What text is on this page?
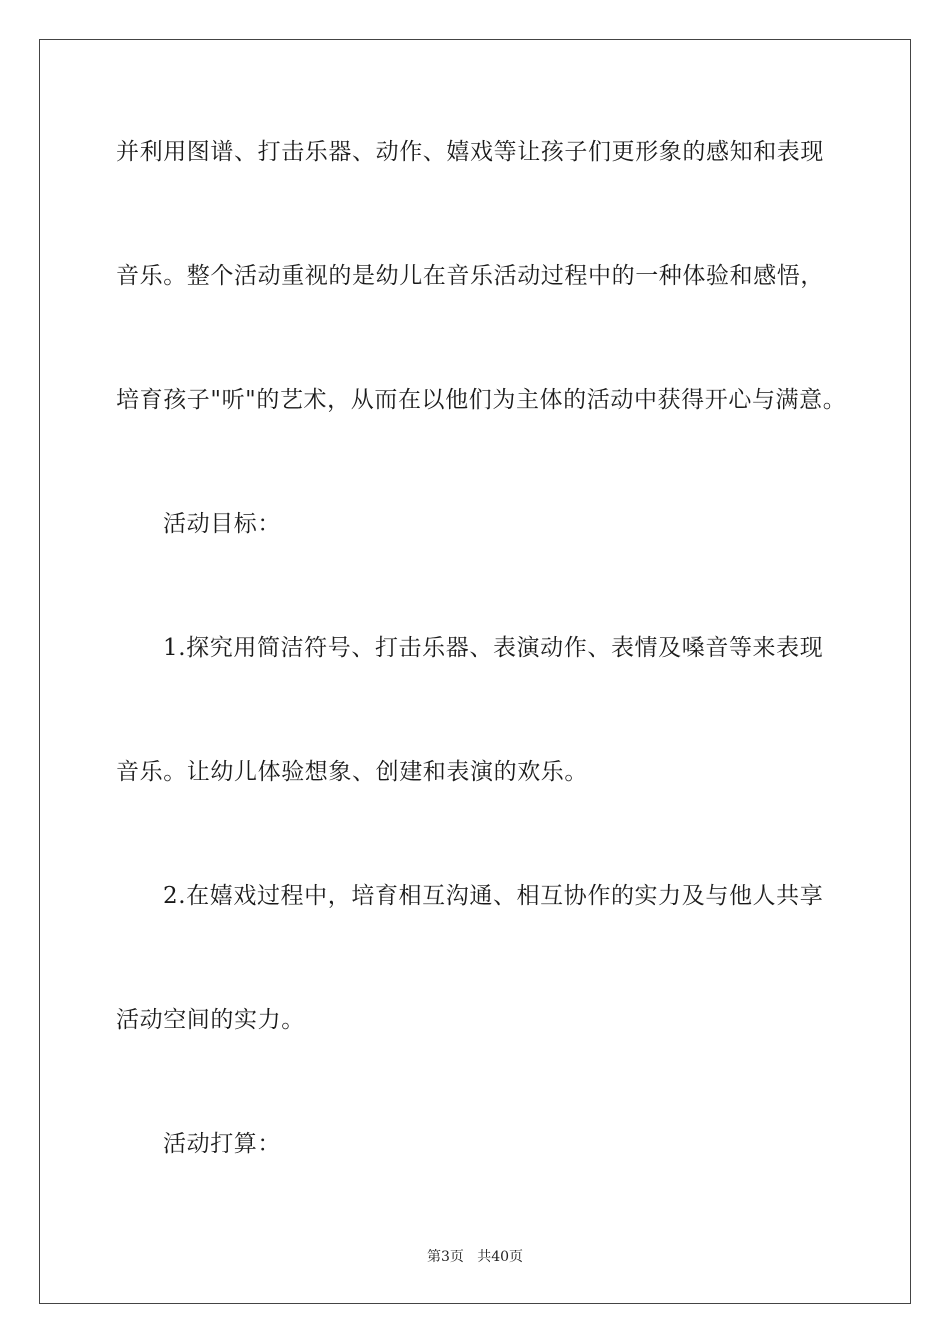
并利用图谱、打击乐器、动作、嬉戏等让孩子们更形象的感知和表现
音乐。整个活动重视的是幼儿在音乐活动过程中的一种体验和感悟，
培育孩子"听"的艺术，从而在以他们为主体的活动中获得开心与满意。
活动目标：
1.探究用简洁符号、打击乐器、表演动作、表情及嗓音等来表现
音乐。让幼儿体验想象、创建和表演的欢乐。
2.在嬉戏过程中，培育相互沟通、相互协作的实力及与他人共享
活动空间的实力。
活动打算：
第3页   共40页
